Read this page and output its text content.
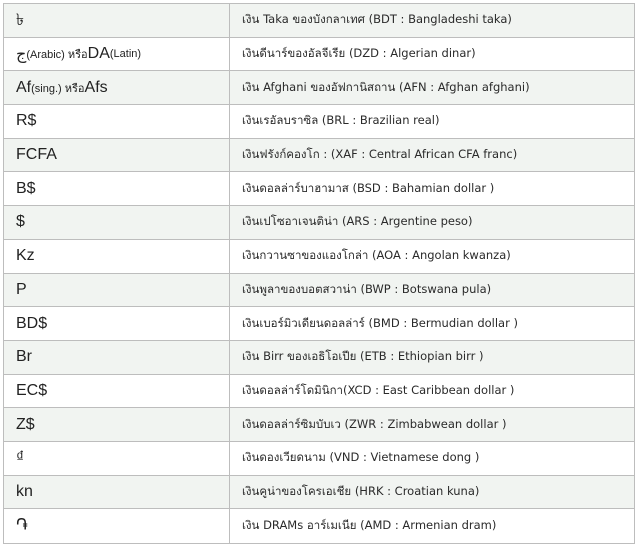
৳	เงิน Taka ของบังกลาเทศ (BDT : Bangladeshi taka)
ج (Arabic) หรือ DA (Latin)	เงินดีนาร์ของอัลจีเรีย (DZD : Algerian dinar)
Af (sing.) หรือ Afs	เงิน Afghani ของอัฟกานิสถาน (AFN : Afghan afghani)
R$	เงินเรอัลบราซิล (BRL : Brazilian real)
FCFA	เงินฟรังก์คองโก : (XAF : Central African CFA franc)
B$	เงินดอลล่าร์บาฮามาส (BSD : Bahamian dollar )
$	เงินเปโซอาเจนติน่า (ARS : Argentine peso)
Kz	เงินกวานซาของแองโกล่า (AOA : Angolan kwanza)
P	เงินพูลาของบอตสวาน่า (BWP : Botswana pula)
BD$	เงินเบอร์มิวเดียนดอลล่าร์ (BMD : Bermudian dollar )
Br	เงิน Birr ของเอธิโอเปีย (ETB : Ethiopian birr )
EC$	เงินดอลล่าร์โดมินิกา(XCD : East Caribbean dollar )
Z$	เงินดอลล่าร์ซิมบับเว (ZWR : Zimbabwean dollar )
₫	เงินดองเวียดนาม (VND : Vietnamese dong )
kn	เงินคูน่าของโครเอเชีย (HRK : Croatian kuna)
֏	เงิน DRAMs อาร์เมเนีย (AMD : Armenian dram)
